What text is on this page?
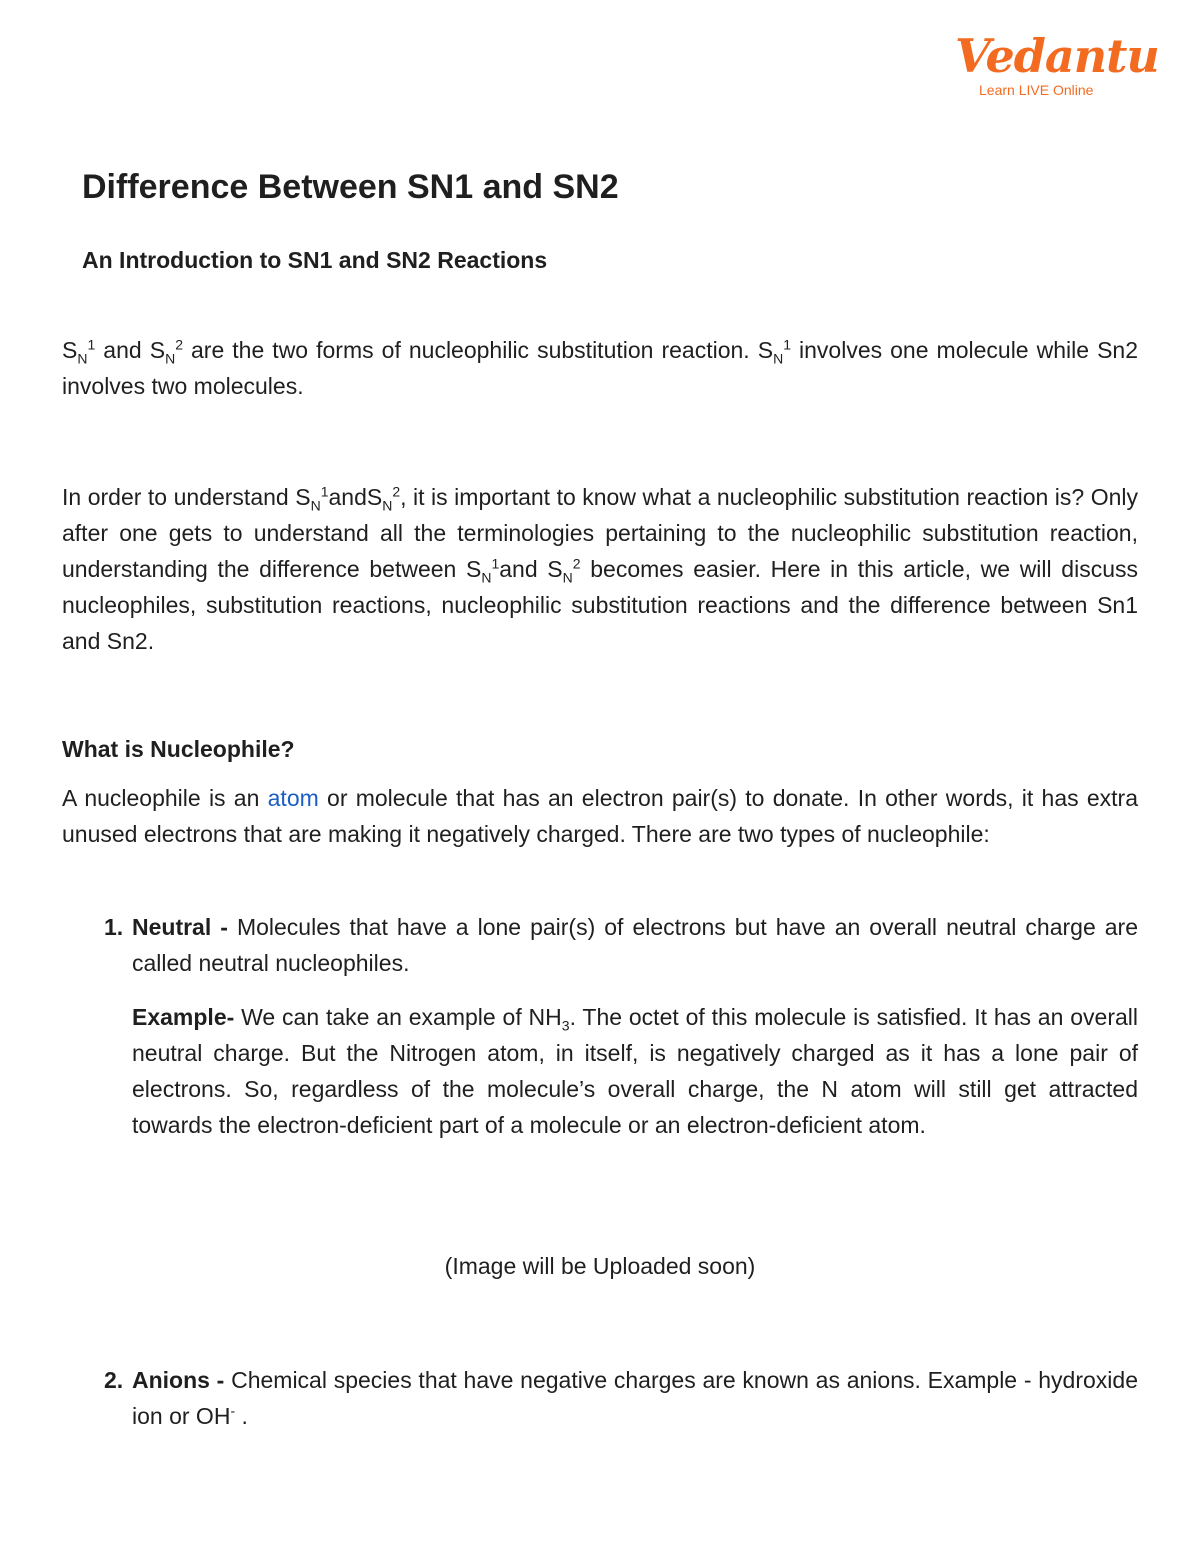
Vedantu
Learn LIVE Online
Difference Between SN1 and SN2
An Introduction to SN1 and SN2 Reactions

$S_N^1$ and $S_N^2$ are the two forms of nucleophilic substitution reaction. $S_N^1$ involves one molecule while Sn2 involves two molecules.

In order to understand $S_N^1andS_N^2$, it is important to know what a nucleophilic substitution reaction is? Only after one gets to understand all the terminologies pertaining to the nucleophilic substitution reaction, understanding the difference between $S_N^1and$ $S_N^2$ becomes easier. Here in this article, we will discuss nucleophiles, substitution reactions, nucleophilic substitution reactions and the difference between Sn1 and Sn2.

What is Nucleophile?

A nucleophile is an atom or molecule that has an electron pair(s) to donate. In other words, it has extra unused electrons that are making it negatively charged. There are two types of nucleophile:

1. Neutral - Molecules that have a lone pair(s) of electrons but have an overall neutral charge are called neutral nucleophiles.

Example- We can take an example of $NH_3$. The octet of this molecule is satisfied. It has an overall neutral charge. But the Nitrogen atom, in itself, is negatively charged as it has a lone pair of electrons. So, regardless of the molecule’s overall charge, the N atom will still get attracted towards the electron-deficient part of a molecule or an electron-deficient atom.

(Image will be Uploaded soon)

2. Anions - Chemical species that have negative charges are known as anions. Example - hydroxide ion or OH- .
